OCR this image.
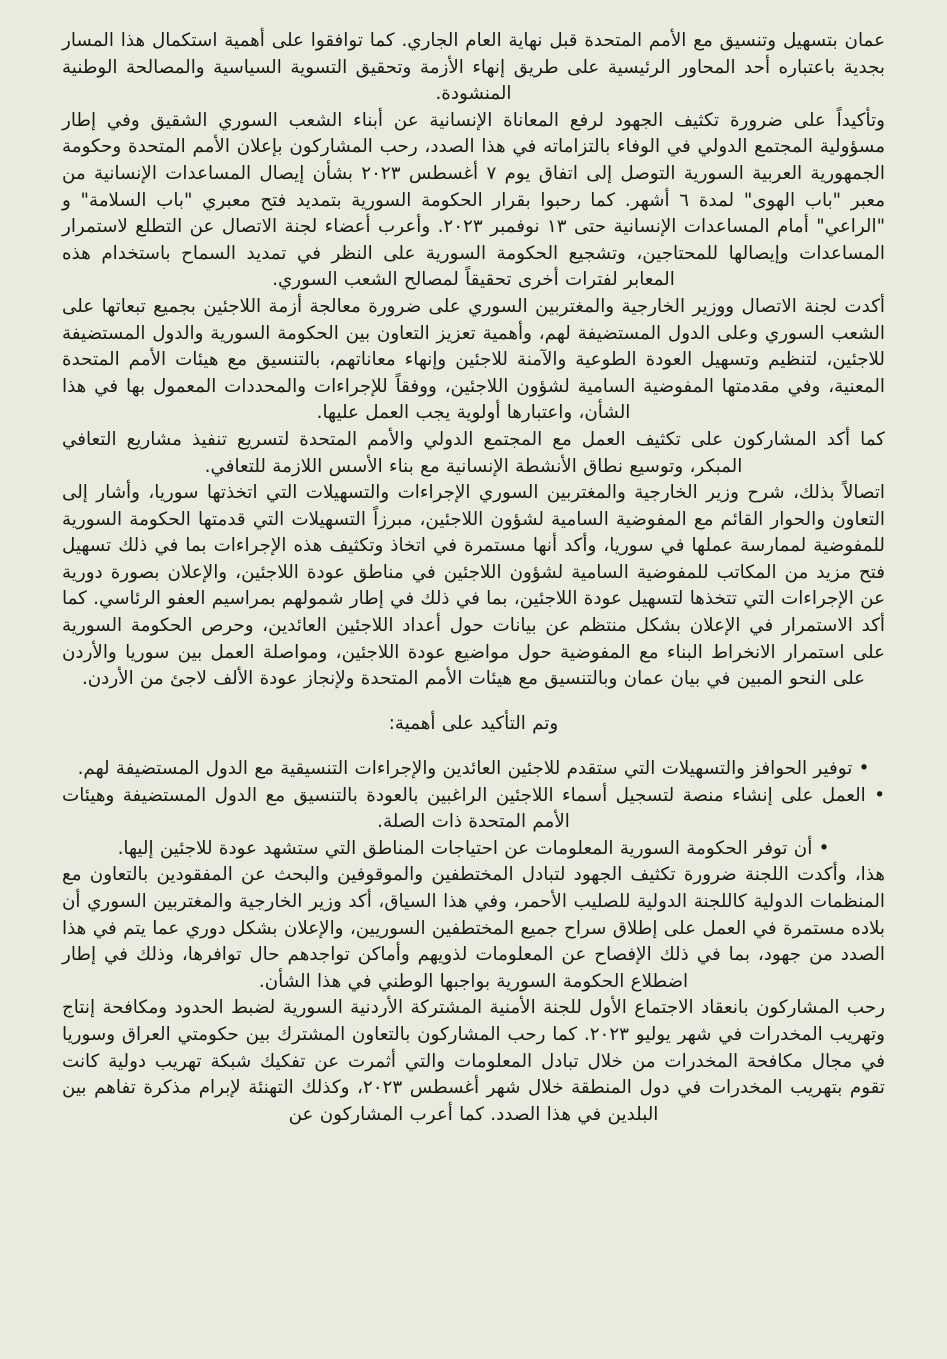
عمان بتسهيل وتنسيق مع الأمم المتحدة قبل نهاية العام الجاري. كما توافقوا على أهمية استكمال هذا المسار بجدية باعتباره أحد المحاور الرئيسية على طريق إنهاء الأزمة وتحقيق التسوية السياسية والمصالحة الوطنية المنشودة.

وتأكيداً على ضرورة تكثيف الجهود لرفع المعاناة الإنسانية عن أبناء الشعب السوري الشقيق وفي إطار مسؤولية المجتمع الدولي في الوفاء بالتزاماته في هذا الصدد، رحب المشاركون بإعلان الأمم المتحدة وحكومة الجمهورية العربية السورية التوصل إلى اتفاق يوم ٧ أغسطس ٢٠٢٣ بشأن إيصال المساعدات الإنسانية من معبر "باب الهوى" لمدة ٦ أشهر. كما رحبوا بقرار الحكومة السورية بتمديد فتح معبري "باب السلامة" و "الراعي" أمام المساعدات الإنسانية حتى ١٣ نوفمبر ٢٠٢٣. وأعرب أعضاء لجنة الاتصال عن التطلع لاستمرار المساعدات وإيصالها للمحتاجين، وتشجيع الحكومة السورية على النظر في تمديد السماح باستخدام هذه المعابر لفترات أخرى تحقيقاً لمصالح الشعب السوري.

أكدت لجنة الاتصال ووزير الخارجية والمغتربين السوري على ضرورة معالجة أزمة اللاجئين بجميع تبعاتها على الشعب السوري وعلى الدول المستضيفة لهم، وأهمية تعزيز التعاون بين الحكومة السورية والدول المستضيفة للاجئين، لتنظيم وتسهيل العودة الطوعية والآمنة للاجئين وإنهاء معاناتهم، بالتنسيق مع هيئات الأمم المتحدة المعنية، وفي مقدمتها المفوضية السامية لشؤون اللاجئين، ووفقاً للإجراءات والمحددات المعمول بها في هذا الشأن، واعتبارها أولوية يجب العمل عليها.

كما أكد المشاركون على تكثيف العمل مع المجتمع الدولي والأمم المتحدة لتسريع تنفيذ مشاريع التعافي المبكر، وتوسيع نطاق الأنشطة الإنسانية مع بناء الأسس اللازمة للتعافي.

اتصالاً بذلك، شرح وزير الخارجية والمغتربين السوري الإجراءات والتسهيلات التي اتخذتها سوريا، وأشار إلى التعاون والحوار القائم مع المفوضية السامية لشؤون اللاجئين، مبرزاً التسهيلات التي قدمتها الحكومة السورية للمفوضية لممارسة عملها في سوريا، وأكد أنها مستمرة في اتخاذ وتكثيف هذه الإجراءات بما في ذلك تسهيل فتح مزيد من المكاتب للمفوضية السامية لشؤون اللاجئين في مناطق عودة اللاجئين، والإعلان بصورة دورية عن الإجراءات التي تتخذها لتسهيل عودة اللاجئين، بما في ذلك في إطار شمولهم بمراسيم العفو الرئاسي. كما أكد الاستمرار في الإعلان بشكل منتظم عن بيانات حول أعداد اللاجئين العائدين، وحرص الحكومة السورية على استمرار الانخراط البناء مع المفوضية حول مواضيع عودة اللاجئين، ومواصلة العمل بين سوريا والأردن على النحو المبين في بيان عمان وبالتنسيق مع هيئات الأمم المتحدة ولإنجاز عودة الألف لاجئ من الأردن.

وتم التأكيد على أهمية:

• توفير الحوافز والتسهيلات التي ستقدم للاجئين العائدين والإجراءات التنسيقية مع الدول المستضيفة لهم.

• العمل على إنشاء منصة لتسجيل أسماء اللاجئين الراغبين بالعودة بالتنسيق مع الدول المستضيفة وهيئات الأمم المتحدة ذات الصلة.

• أن توفر الحكومة السورية المعلومات عن احتياجات المناطق التي ستشهد عودة للاجئين إليها.

هذا، وأكدت اللجنة ضرورة تكثيف الجهود لتبادل المختطفين والموقوفين والبحث عن المفقودين بالتعاون مع المنظمات الدولية كاللجنة الدولية للصليب الأحمر، وفي هذا السياق، أكد وزير الخارجية والمغتربين السوري أن بلاده مستمرة في العمل على إطلاق سراح جميع المختطفين السوريين، والإعلان بشكل دوري عما يتم في هذا الصدد من جهود، بما في ذلك الإفصاح عن المعلومات لذويهم وأماكن تواجدهم حال توافرها، وذلك في إطار اضطلاع الحكومة السورية بواجبها الوطني في هذا الشأن.

رحب المشاركون بانعقاد الاجتماع الأول للجنة الأمنية المشتركة الأردنية السورية لضبط الحدود ومكافحة إنتاج وتهريب المخدرات في شهر يوليو ٢٠٢٣. كما رحب المشاركون بالتعاون المشترك بين حكومتي العراق وسوريا في مجال مكافحة المخدرات من خلال تبادل المعلومات والتي أثمرت عن تفكيك شبكة تهريب دولية كانت تقوم بتهريب المخدرات في دول المنطقة خلال شهر أغسطس ٢٠٢٣، وكذلك التهنئة لإبرام مذكرة تفاهم بين البلدين في هذا الصدد. كما أعرب المشاركون عن
